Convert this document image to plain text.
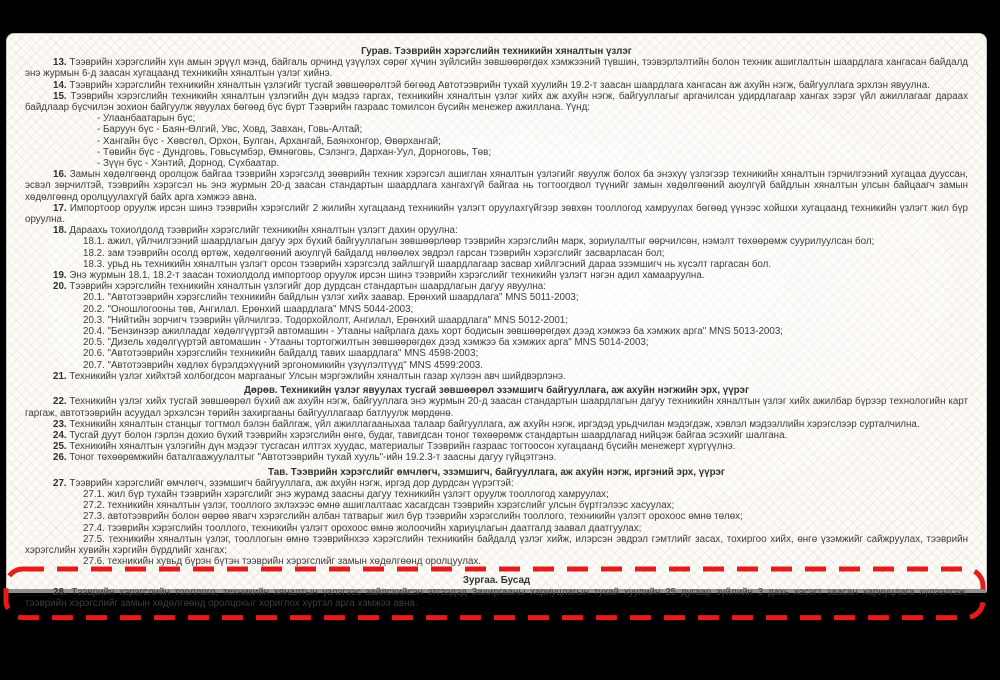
Гурав. Тээврийн хэрэгслийн техникийн хяналтын үзлэг

13. Тээврийн хэрэгслийн хүн амын эрүүл мэнд, байгаль орчинд үзүүлэх сөрөг хүчин зүйлсийн зөвшөөрөгдөх хэмжээний түвшин, тээвэрлэлтийн болон техник ашиглалтын шаардлага хангасан байдалд энэ журмын 6-д заасан хугацаанд техникийн хяналтын үзлэг хийнэ.

14. Тээврийн хэрэгслийн техникийн хяналтын үзлэгийг тусгай зөвшөөрөлтэй бөгөөд Автотээврийн тухай хуулийн 19.2-т заасан шаардлага хангасан аж ахуйн нэгж, байгууллага эрхлэн явуулна.

15. Тээврийн хэрэгслийн техникийн хяналтын үзлэгийн дүн мэдээ гаргах, техникийн хяналтын үзлэг хийх аж ахуйн нэгж, байгууллагыг аргачилсан удирдлагаар хангах зэрэг үйл ажиллагааг дараах байдлаар бүсчилэн зохион байгуулж явуулах бөгөөд бүс бүрт Тээврийн газраас томилсон бүсийн менежер ажиллана. Үүнд:

- Улаанбаатарын бүс;

- Баруун бүс - Баян-Өлгий, Увс, Ховд, Завхан, Говь-Алтай;

- Хангайн бүс - Хөвсгөл, Орхон, Булган, Архангай, Баянхонгор, Өвөрхангай;

- Төвийн бүс - Дундговь, Говьсүмбэр, Өмнөговь, Сэлэнгэ, Дархан-Уул, Дорноговь, Төв;

- Зүүн бүс - Хэнтий, Дорнод, Сүхбаатар.

16. Замын хөдөлгөөнд оролцож байгаа тээврийн хэрэгсэлд зөөврийн техник хэрэгсэл ашиглан хяналтын үзлэгийг явуулж болох ба энэхүү үзлэгээр техникийн хяналтын гэрчилгээний хугацаа дууссан, эсвэл зөрчилтэй, тээврийн хэрэгсэл нь энэ журмын 20-д заасан стандартын шаардлага хангахгүй байгаа нь тогтоогдвол түүнийг замын хөдөлгөөний аюулгүй байдлын хяналтын улсын байцаагч замын хөдөлгөөнд оролцуулахгүй байх арга хэмжээ авна.

17. Импортоор оруулж ирсэн шинэ тээврийн хэрэгслийг 2 жилийн хугацаанд техникийн үзлэгт оруулахгүйгээр зөвхөн тооллогод хамруулах бөгөөд үүнээс хойшхи хугацаанд техникийн үзлэгт жил бүр оруулна.

18. Дараахь тохиолдолд тээврийн хэрэгслийг техникийн хяналтын үзлэгт дахин оруулна:

18.1. ажил, үйлчилгээний шаардлагын дагуу эрх бүхий байгууллагын зөвшөөрлөөр тээврийн хэрэгслийн марк, зориулалтыг өөрчилсөн, нэмэлт төхөөрөмж суурилуулсан бол;

18.2. зам тээврийн осолд өртөж, хөдөлгөөний аюулгүй байдалд нөлөөлөх эвдрэл гарсан тээврийн хэрэгслийг засварласан бол;

18.3. урьд нь техникийн хяналтын үзлэгт орсон тээврийн хэрэгсэлд зайлшгүй шаардлагаар засвар хийлгэсний дараа эзэмшигч нь хүсэлт гаргасан бол.

19. Энэ журмын 18.1, 18.2-т заасан тохиолдолд импортоор оруулж ирсэн шинэ тээврийн хэрэгслийг техникийн үзлэгт нэгэн адил хамааруулна.

20. Тээврийн хэрэгслийн техникийн хяналтын үзлэгийг дор дурдсан стандартын шаардлагын дагуу явуулна:

20.1. "Автотээврийн хэрэгслийн техникийн байдлын үзлэг хийх заавар. Ерөнхий шаардлага" MNS 5011-2003;

20.2. "Оношлогооны төв, Ангилал. Ерөнхий шаардлага" MNS 5044-2003;

20.3. "Нийтийн зорчигч тээврийн үйлчилгээ. Тодорхойлолт, Ангилал, Ерөнхий шаардлага" MNS 5012-2001;

20.4. "Бензинээр ажилладаг хөдөлгүүртэй автомашин - Утааны найрлага дахь хорт бодисын зөвшөөрөгдөх дээд хэмжээ ба хэмжих арга" MNS 5013-2003;

20.5. "Дизель хөдөлгүүртэй автомашин - Утааны тортогжилтын зөвшөөрөгдөх дээд хэмжээ ба хэмжих арга" MNS 5014-2003;

20.6. "Автотээврийн хэрэгслийн техникийн байдалд тавих шаардлага" MNS 4598-2003;

20.7. "Автотээврийн хөдлөх бүрэлдэхүүний эргономикийн үзүүлэлтүүд" MNS 4599:2003.

21. Техникийн үзлэг хийхтэй холбогдсон маргааныг Улсын мэргэжлийн хяналтын газар хүлээн авч шийдвэрлэнэ.

Дөрөв. Техникийн үзлэг явуулах тусгай зөвшөөрөл эзэмшигч байгууллага, аж ахуйн нэгжийн эрх, үүрэг

22. Техникийн үзлэг хийх тусгай зөвшөөрөл бүхий аж ахуйн нэгж, байгууллага энэ журмын 20-д заасан стандартын шаардлагын дагуу техникийн хяналтын үзлэг хийх ажилбар бүрээр технологийн карт гаргаж, автотээврийн асуудал эрхэлсэн төрийн захиргааны байгууллагаар батлуулж мөрдөнө.

23. Техникийн хяналтын станцыг тогтмол бэлэн байлгаж, үйл ажиллагааныхаа талаар байгууллага, аж ахуйн нэгж, иргэдэд урьдчилан мэдэгдэж, хэвлэл мэдээллийн хэрэгслээр сурталчилна.

24. Тусгай дуут болон гэрлэн дохио бүхий тээврийн хэрэгслийн өнгө, будаг, тавигдсан тоног төхөөрөмж стандартын шаардлагад нийцэж байгаа эсэхийг шалгана.

25. Техникийн хяналтын үзлэгийн дүн мэдээг тусгасан илтгэх хуудас, материалыг Тээврийн газраас тогтоосон хугацаанд бүсийн менежерт хүргүүлнэ.

26. Тоног төхөөрөмжийн баталгаажуулалтыг "Автотээврийн тухай хууль"-ийн 19.2.3-т заасны дагуу гүйцэтгэнэ.

Тав. Тээврийн хэрэгслийг өмчлөгч, эзэмшигч, байгууллага, аж ахуйн нэгж, иргэний эрх, үүрэг

27. Тээврийн хэрэгслийг өмчлөгч, эзэмшигч байгууллага, аж ахуйн нэгж, иргэд дор дурдсан үүрэгтэй:

27.1. жил бүр тухайн тээврийн хэрэгслийг энэ журамд заасны дагуу техникийн үзлэгт оруулж тооллогод хамруулах;

27.2. техникийн хяналтын үзлэг, тооллого эхлэхээс өмнө ашиглалтаас хасагдсан тээврийн хэрэгслийг улсын бүртгэлээс хасуулах;

27.3. автотээврийн болон өөрөө явагч хэрэгслийн албан татварыг жил бүр тээврийн хэрэгслийн тооллого, техникийн үзлэгт орохоос өмнө төлөх;

27.4. тээврийн хэрэгслийн тооллого, техникийн үзлэгт орохоос өмнө жолоочийн хариуцлагын даатгалд заавал даатгуулах;

27.5. техникийн хяналтын үзлэг, тооллогын өмнө тээврийнхээ хэрэгслийн техникийн байдалд үзлэг хийж, илэрсэн эвдрэл гэмтлийг засах, тохиргоо хийх, өнгө үзэмжийг сайжруулах, тээврийн хэрэгслийн хувийн хэргийн бүрдлийг хангах;

27.6. техникийн хувьд бүрэн бүтэн тээврийн хэрэгслийг замын хөдөлгөөнд оролцуулах.

Зургаа. Бусад

28. Тээврийн хэрэгслийн тооллого, техникийн хяналтын үзлэгээс зайлсхийсэн этгээдэд Захиргааны хариуцлагын тухай хуулийн 25 дугаар зүйлийн 3 дахь хэсэгт заасан хариуцлага хүлээлгэж, тээврийн хэрэгслийг замын хөдөлгөөнд оролцохыг хориглох хүртэл арга хэмжээ авна.
